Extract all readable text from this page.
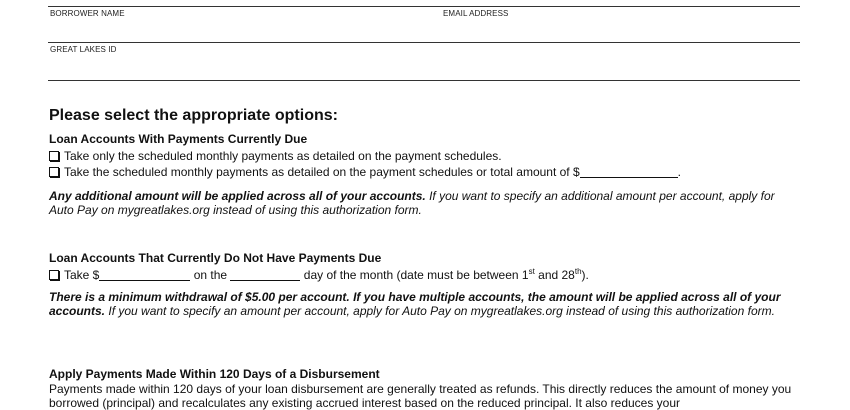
BORROWER NAME	EMAIL ADDRESS
GREAT LAKES ID
Please select the appropriate options:
Loan Accounts With Payments Currently Due
Take only the scheduled monthly payments as detailed on the payment schedules.
Take the scheduled monthly payments as detailed on the payment schedules or total amount of $	.
Any additional amount will be applied across all of your accounts. If you want to specify an additional amount per account, apply for Auto Pay on mygreatlakes.org instead of using this authorization form.
Loan Accounts That Currently Do Not Have Payments Due
Take $	on the	day of the month (date must be between 1st and 28th).
There is a minimum withdrawal of $5.00 per account. If you have multiple accounts, the amount will be applied across all of your accounts. If you want to specify an amount per account, apply for Auto Pay on mygreatlakes.org instead of using this authorization form.
Apply Payments Made Within 120 Days of a Disbursement
Payments made within 120 days of your loan disbursement are generally treated as refunds. This directly reduces the amount of money you borrowed (principal) and recalculates any existing accrued interest based on the reduced principal. It also reduces your
